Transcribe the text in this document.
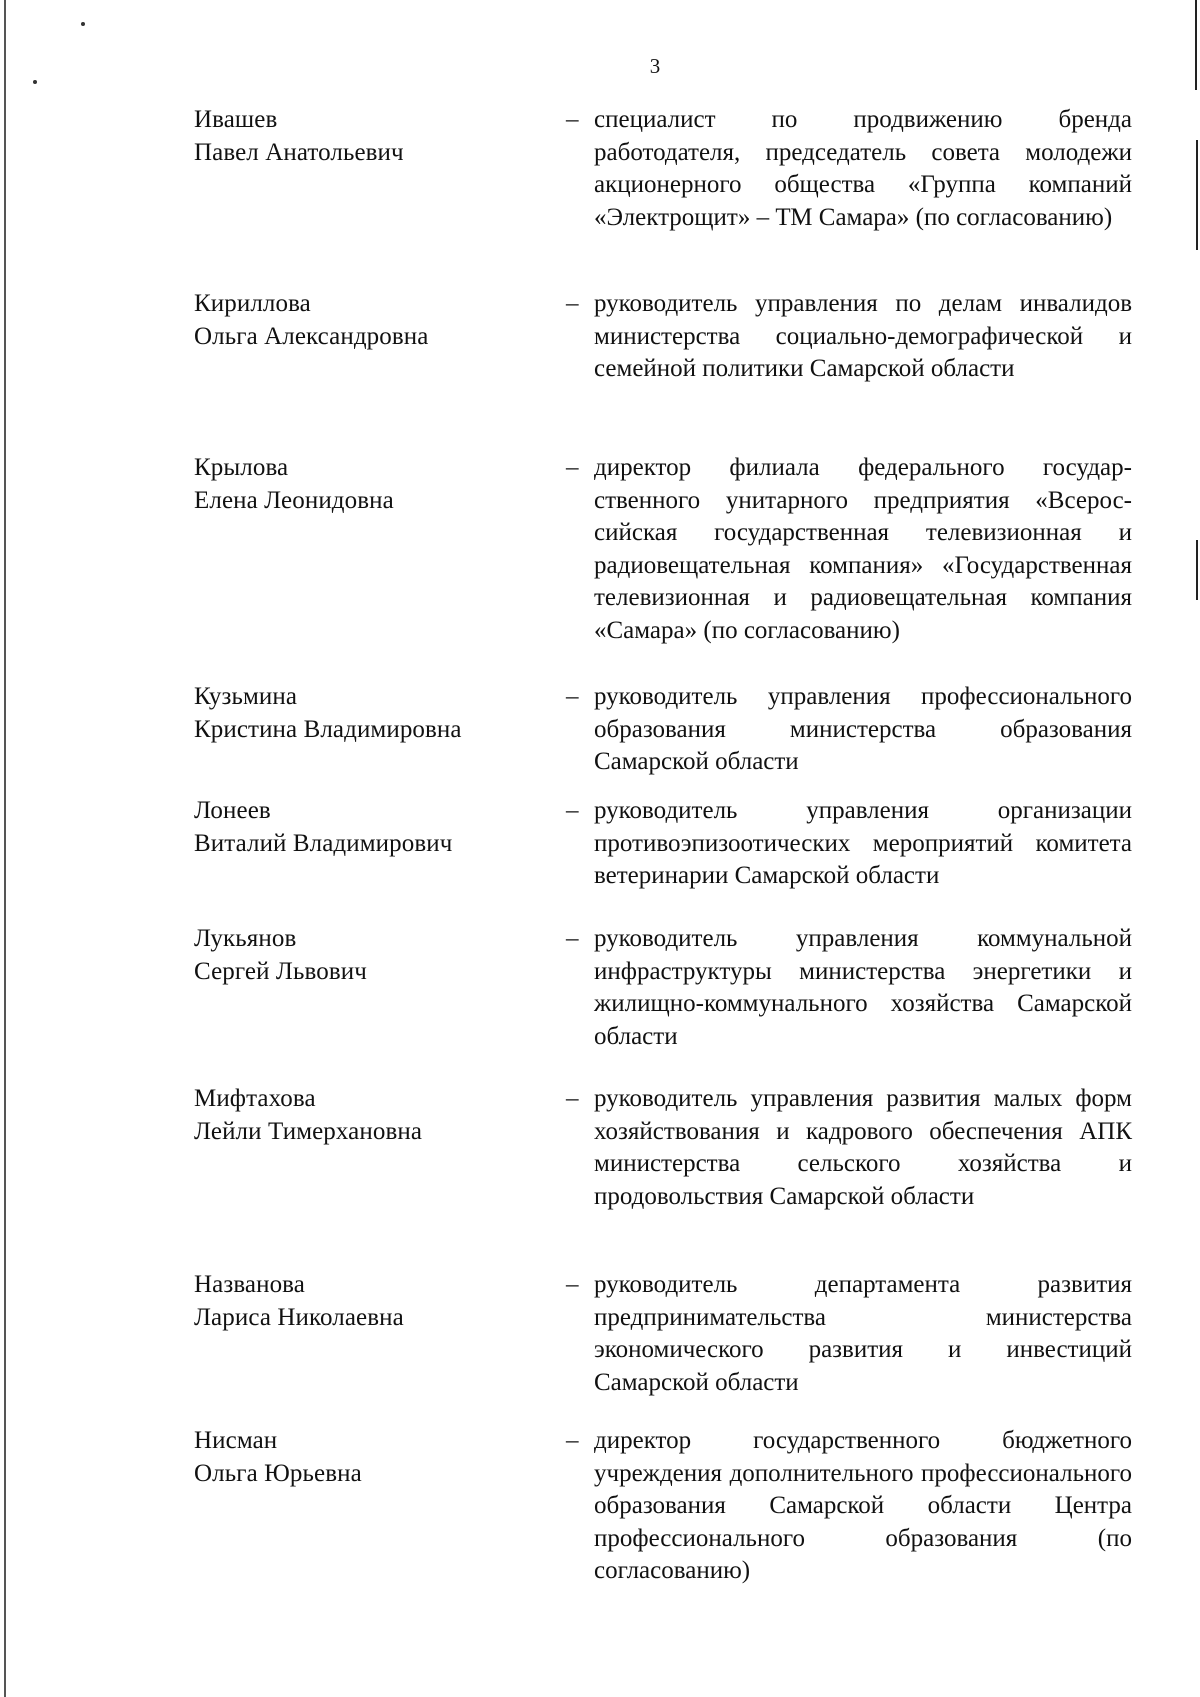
3
Ивашев
Павел Анатольевич
– специалист по продвижению бренда работодателя, председатель совета молодежи акционерного общества «Группа компаний «Электрощит» – ТМ Самара» (по согласованию)
Кириллова
Ольга Александровна
– руководитель управления по делам инвалидов министерства социально-демографической и семейной политики Самарской области
Крылова
Елена Леонидовна
– директор филиала федерального государственного унитарного предприятия «Всероссийская государственная телевизионная и радиовещательная компания» «Государственная телевизионная и радиовещательная компания «Самара» (по согласованию)
Кузьмина
Кристина Владимировна
– руководитель управления профессионального образования министерства образования Самарской области
Лонеев
Виталий Владимирович
– руководитель управления организации противоэпизоотических мероприятий комитета ветеринарии Самарской области
Лукьянов
Сергей Львович
– руководитель управления коммунальной инфраструктуры министерства энергетики и жилищно-коммунального хозяйства Самарской области
Мифтахова
Лейли Тимерхановна
– руководитель управления развития малых форм хозяйствования и кадрового обеспечения АПК министерства сельского хозяйства и продовольствия Самарской области
Названова
Лариса Николаевна
– руководитель департамента развития предпринимательства министерства экономического развития и инвестиций Самарской области
Нисман
Ольга Юрьевна
– директор государственного бюджетного учреждения дополнительного профессионального образования Самарской области Центра профессионального образования (по согласованию)
